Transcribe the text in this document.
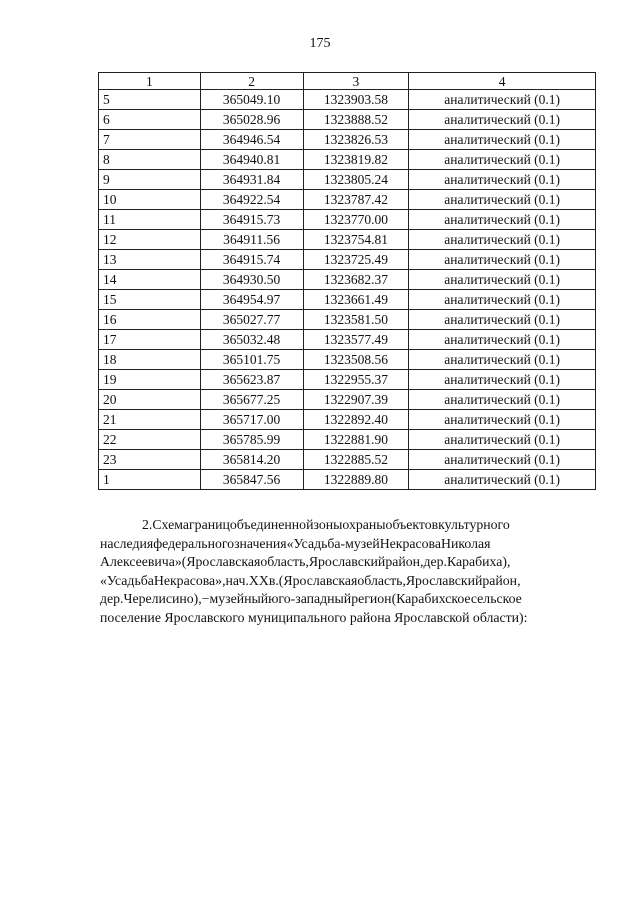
175
1	2	3	4
5	365049.10	1323903.58	аналитический (0.1)
6	365028.96	1323888.52	аналитический (0.1)
7	364946.54	1323826.53	аналитический (0.1)
8	364940.81	1323819.82	аналитический (0.1)
9	364931.84	1323805.24	аналитический (0.1)
10	364922.54	1323787.42	аналитический (0.1)
11	364915.73	1323770.00	аналитический (0.1)
12	364911.56	1323754.81	аналитический (0.1)
13	364915.74	1323725.49	аналитический (0.1)
14	364930.50	1323682.37	аналитический (0.1)
15	364954.97	1323661.49	аналитический (0.1)
16	365027.77	1323581.50	аналитический (0.1)
17	365032.48	1323577.49	аналитический (0.1)
18	365101.75	1323508.56	аналитический (0.1)
19	365623.87	1322955.37	аналитический (0.1)
20	365677.25	1322907.39	аналитический (0.1)
21	365717.00	1322892.40	аналитический (0.1)
22	365785.99	1322881.90	аналитический (0.1)
23	365814.20	1322885.52	аналитический (0.1)
1	365847.56	1322889.80	аналитический (0.1)
2.Схемаграницобъединеннойзоныохраныобъектовкультурного
наследияфедеральногозначения«Усадьба-музейНекрасоваНиколая
Алексеевича»(Ярославскаяобласть,Ярославскийрайон,дер.Карабиха),
«УсадьбаНекрасова»,нач.XXв.(Ярославскаяобласть,Ярославскийрайон,
дер.Черелисино),−музейныйюго-западныйрегион(Карабихскоесельское
поселение Ярославского муниципального района Ярославской области):
